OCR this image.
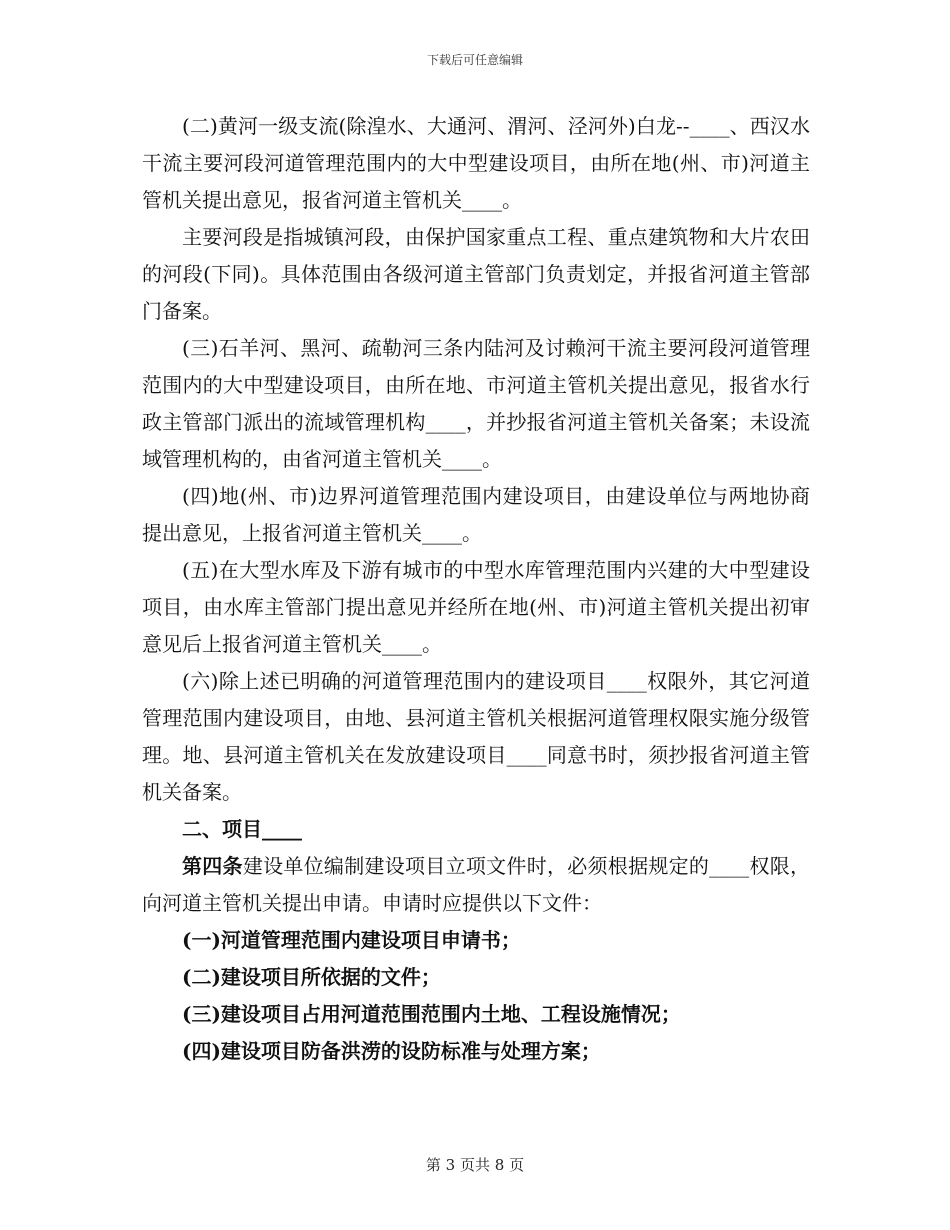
下载后可任意编辑

(二)黄河一级支流(除湟水、大通河、渭河、泾河外)白龙--____、西汉水干流主要河段河道管理范围内的大中型建设项目，由所在地(州、市)河道主管机关提出意见，报省河道主管机关____。

主要河段是指城镇河段，由保护国家重点工程、重点建筑物和大片农田的河段(下同)。具体范围由各级河道主管部门负责划定，并报省河道主管部门备案。

(三)石羊河、黑河、疏勒河三条内陆河及讨赖河干流主要河段河道管理范围内的大中型建设项目，由所在地、市河道主管机关提出意见，报省水行政主管部门派出的流域管理机构____，并抄报省河道主管机关备案；未设流域管理机构的，由省河道主管机关____。

(四)地(州、市)边界河道管理范围内建设项目，由建设单位与两地协商提出意见，上报省河道主管机关____。

(五)在大型水库及下游有城市的中型水库管理范围内兴建的大中型建设项目，由水库主管部门提出意见并经所在地(州、市)河道主管机关提出初审意见后上报省河道主管机关____。

(六)除上述已明确的河道管理范围内的建设项目____权限外，其它河道管理范围内建设项目，由地、县河道主管机关根据河道管理权限实施分级管理。地、县河道主管机关在发放建设项目____同意书时，须抄报省河道主管机关备案。

二、项目____

第四条建设单位编制建设项目立项文件时，必须根据规定的____权限，向河道主管机关提出申请。申请时应提供以下文件：

(一)河道管理范围内建设项目申请书；

(二)建设项目所依据的文件；

(三)建设项目占用河道范围范围内土地、工程设施情况；

(四)建设项目防备洪涝的设防标准与处理方案；

第 3 页共 8 页
